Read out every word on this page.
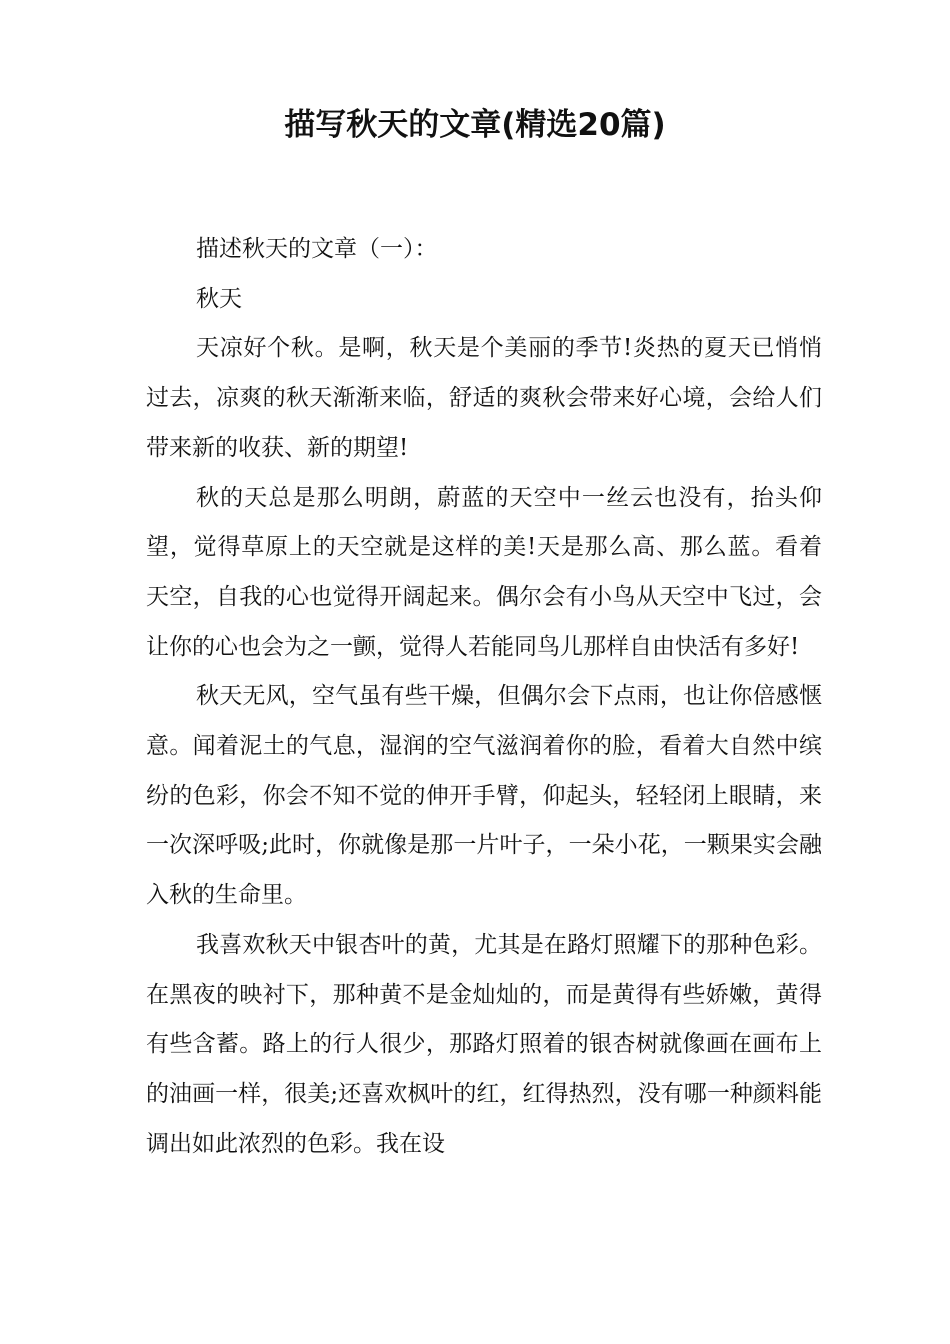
描写秋天的文章(精选20篇)

描述秋天的文章（一）：

秋天

天凉好个秋。是啊，秋天是个美丽的季节!炎热的夏天已悄悄过去，凉爽的秋天渐渐来临，舒适的爽秋会带来好心境，会给人们带来新的收获、新的期望!

秋的天总是那么明朗，蔚蓝的天空中一丝云也没有，抬头仰望，觉得草原上的天空就是这样的美!天是那么高、那么蓝。看着天空，自我的心也觉得开阔起来。偶尔会有小鸟从天空中飞过，会让你的心也会为之一颤，觉得人若能同鸟儿那样自由快活有多好!

秋天无风，空气虽有些干燥，但偶尔会下点雨，也让你倍感惬意。闻着泥土的气息，湿润的空气滋润着你的脸，看着大自然中缤纷的色彩，你会不知不觉的伸开手臂，仰起头，轻轻闭上眼睛，来一次深呼吸;此时，你就像是那一片叶子，一朵小花，一颗果实会融入秋的生命里。

我喜欢秋天中银杏叶的黄，尤其是在路灯照耀下的那种色彩。在黑夜的映衬下，那种黄不是金灿灿的，而是黄得有些娇嫩，黄得有些含蓄。路上的行人很少，那路灯照着的银杏树就像画在画布上的油画一样，很美;还喜欢枫叶的红，红得热烈，没有哪一种颜料能调出如此浓烈的色彩。我在设
